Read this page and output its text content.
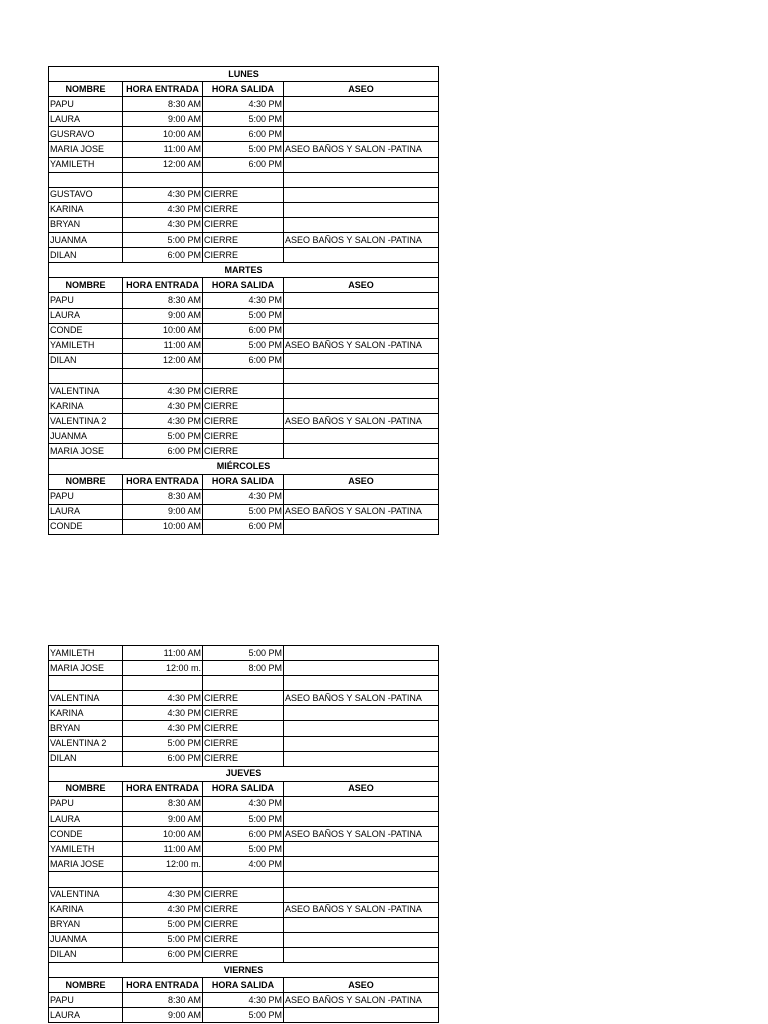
LUNES			
NOMBRE	HORA ENTRADA	HORA SALIDA	ASEO
PAPU	8:30 AM	4:30 PM	
LAURA	9:00 AM	5:00 PM	
GUSRAVO	10:00 AM	6:00 PM	
MARIA JOSE	11:00 AM	5:00 PM	ASEO BAÑOS Y SALON -PATINA
YAMILETH	12:00 AM	6:00 PM	

GUSTAVO	4:30 PM	CIERRE	
KARINA	4:30 PM	CIERRE	
BRYAN	4:30 PM	CIERRE	
JUANMA	5:00 PM	CIERRE	ASEO BAÑOS Y SALON -PATINA
DILAN	6:00 PM	CIERRE	
MARTES			
NOMBRE	HORA ENTRADA	HORA SALIDA	ASEO
PAPU	8:30 AM	4:30 PM	
LAURA	9:00 AM	5:00 PM	
CONDE	10:00 AM	6:00 PM	
YAMILETH	11:00 AM	5:00 PM	ASEO BAÑOS Y SALON -PATINA
DILAN	12:00 AM	6:00 PM	

VALENTINA	4:30 PM	CIERRE	
KARINA	4:30 PM	CIERRE	
VALENTINA 2	4:30 PM	CIERRE	ASEO BAÑOS Y SALON -PATINA
JUANMA	5:00 PM	CIERRE	
MARIA JOSE	6:00 PM	CIERRE	
MIÉRCOLES			
NOMBRE	HORA ENTRADA	HORA SALIDA	ASEO
PAPU	8:30 AM	4:30 PM	
LAURA	9:00 AM	5:00 PM	ASEO BAÑOS Y SALON -PATINA
CONDE	10:00 AM	6:00 PM	
YAMILETH	11:00 AM	5:00 PM	
MARIA JOSE	12:00 m.	8:00 PM	

VALENTINA	4:30 PM	CIERRE	ASEO BAÑOS Y SALON -PATINA
KARINA	4:30 PM	CIERRE	
BRYAN	4:30 PM	CIERRE	
VALENTINA 2	5:00 PM	CIERRE	
DILAN	6:00 PM	CIERRE	
JUEVES			
NOMBRE	HORA ENTRADA	HORA SALIDA	ASEO
PAPU	8:30 AM	4:30 PM	
LAURA	9:00 AM	5:00 PM	
CONDE	10:00 AM	6:00 PM	ASEO BAÑOS Y SALON -PATINA
YAMILETH	11:00 AM	5:00 PM	
MARIA JOSE	12:00 m.	4:00 PM	

VALENTINA	4:30 PM	CIERRE	
KARINA	4:30 PM	CIERRE	ASEO BAÑOS Y SALON -PATINA
BRYAN	5:00 PM	CIERRE	
JUANMA	5:00 PM	CIERRE	
DILAN	6:00 PM	CIERRE	
VIERNES			
NOMBRE	HORA ENTRADA	HORA SALIDA	ASEO
PAPU	8:30 AM	4:30 PM	ASEO BAÑOS Y SALON -PATINA
LAURA	9:00 AM	5:00 PM	
